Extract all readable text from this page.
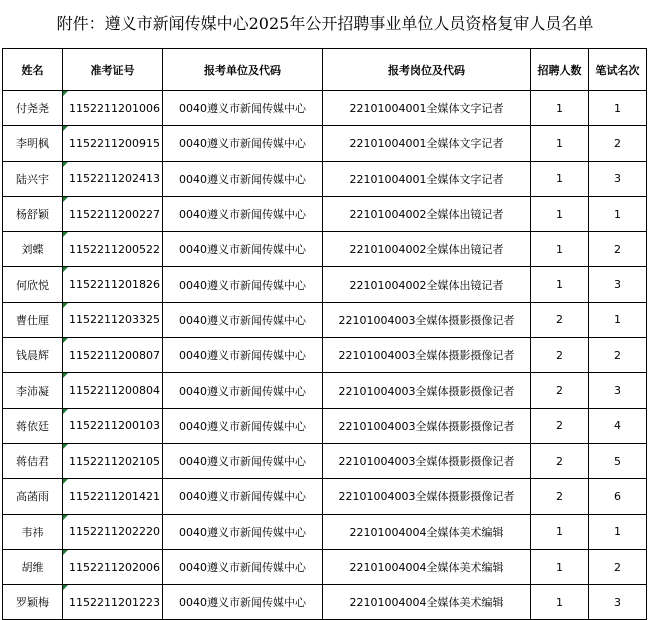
附件：遵义市新闻传媒中心2025年公开招聘事业单位人员资格复审人员名单
姓名	准考证号	报考单位及代码	报考岗位及代码	招聘人数	笔试名次
付尧尧	1152211201006	0040遵义市新闻传媒中心	22101004001全媒体文字记者	1	1
李明枫	1152211200915	0040遵义市新闻传媒中心	22101004001全媒体文字记者	1	2
陆兴宇	1152211202413	0040遵义市新闻传媒中心	22101004001全媒体文字记者	1	3
杨舒颖	1152211200227	0040遵义市新闻传媒中心	22101004002全媒体出镜记者	1	1
刘蝶	1152211200522	0040遵义市新闻传媒中心	22101004002全媒体出镜记者	1	2
何欣悦	1152211201826	0040遵义市新闻传媒中心	22101004002全媒体出镜记者	1	3
曹仕厘	1152211203325	0040遵义市新闻传媒中心	22101004003全媒体摄影摄像记者	2	1
钱晨辉	1152211200807	0040遵义市新闻传媒中心	22101004003全媒体摄影摄像记者	2	2
李沛凝	1152211200804	0040遵义市新闻传媒中心	22101004003全媒体摄影摄像记者	2	3
蒋依廷	1152211200103	0040遵义市新闻传媒中心	22101004003全媒体摄影摄像记者	2	4
蒋佶君	1152211202105	0040遵义市新闻传媒中心	22101004003全媒体摄影摄像记者	2	5
高菡雨	1152211201421	0040遵义市新闻传媒中心	22101004003全媒体摄影摄像记者	2	6
韦祎	1152211202220	0040遵义市新闻传媒中心	22101004004全媒体美术编辑	1	1
胡维	1152211202006	0040遵义市新闻传媒中心	22101004004全媒体美术编辑	1	2
罗颖梅	1152211201223	0040遵义市新闻传媒中心	22101004004全媒体美术编辑	1	3
